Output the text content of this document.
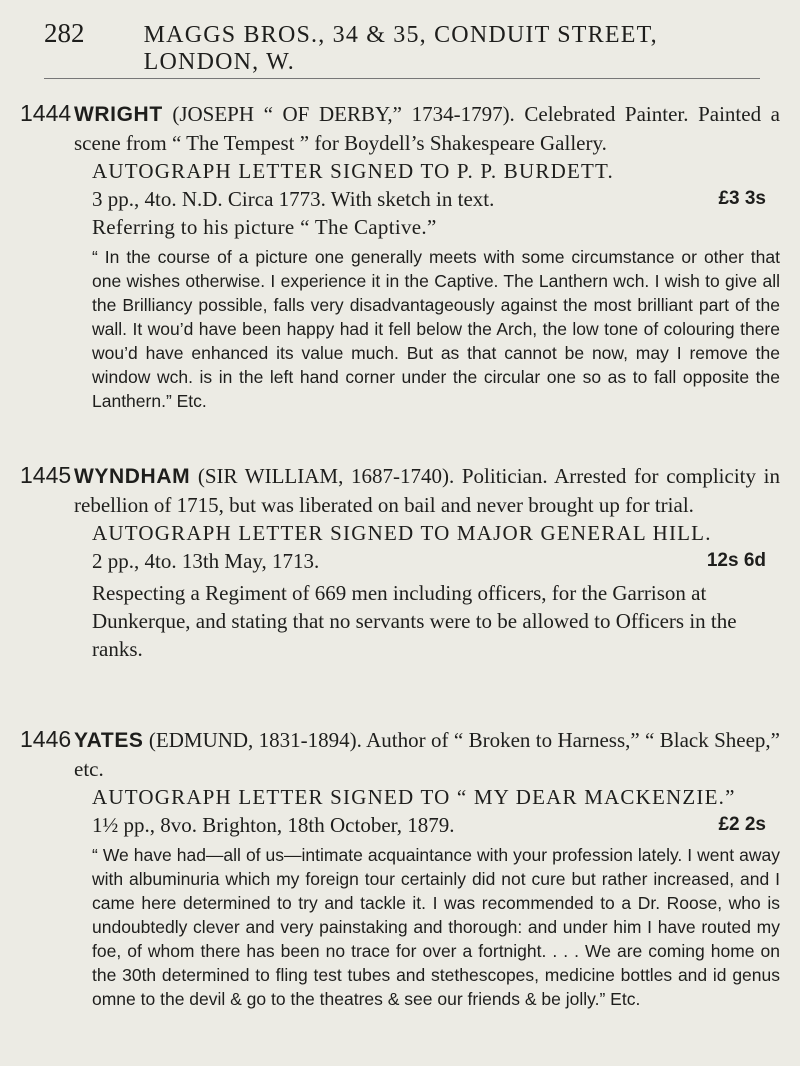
282	MAGGS BROS., 34 & 35, CONDUIT STREET, LONDON, W.
1444 WRIGHT (JOSEPH “ OF DERBY,” 1734-1797). Celebrated Painter. Painted a scene from “ The Tempest ” for Boydell’s Shakespeare Gallery.

AUTOGRAPH LETTER SIGNED TO P. P. BURDETT.

3 pp., 4to. N.D. Circa 1773. With sketch in text.	£3 3s

Referring to his picture “ The Captive.”

“ In the course of a picture one generally meets with some circumstance or other that one wishes otherwise. I experience it in the Captive. The Lanthern wch. I wish to give all the Brilliancy possible, falls very disadvantageously against the most brilliant part of the wall. It wou’d have been happy had it fell below the Arch, the low tone of colouring there wou’d have enhanced its value much. But as that cannot be now, may I remove the window wch. is in the left hand corner under the circular one so as to fall opposite the Lanthern.” Etc.

1445 WYNDHAM (SIR WILLIAM, 1687-1740). Politician. Arrested for complicity in rebellion of 1715, but was liberated on bail and never brought up for trial.

AUTOGRAPH LETTER SIGNED TO MAJOR GENERAL HILL.

2 pp., 4to. 13th May, 1713.	12s 6d

Respecting a Regiment of 669 men including officers, for the Garrison at Dunkerque, and stating that no servants were to be allowed to Officers in the ranks.

1446 YATES (EDMUND, 1831-1894). Author of “ Broken to Harness,” “ Black Sheep,” etc.

AUTOGRAPH LETTER SIGNED TO “ MY DEAR MACKENZIE.”

1½ pp., 8vo. Brighton, 18th October, 1879.	£2 2s

“ We have had—all of us—intimate acquaintance with your profession lately. I went away with albuminuria which my foreign tour certainly did not cure but rather increased, and I came here determined to try and tackle it. I was recommended to a Dr. Roose, who is undoubtedly clever and very painstaking and thorough: and under him I have routed my foe, of whom there has been no trace for over a fortnight. . . . We are coming home on the 30th determined to fling test tubes and stethescopes, medicine bottles and id genus omne to the devil & go to the theatres & see our friends & be jolly.” Etc.
